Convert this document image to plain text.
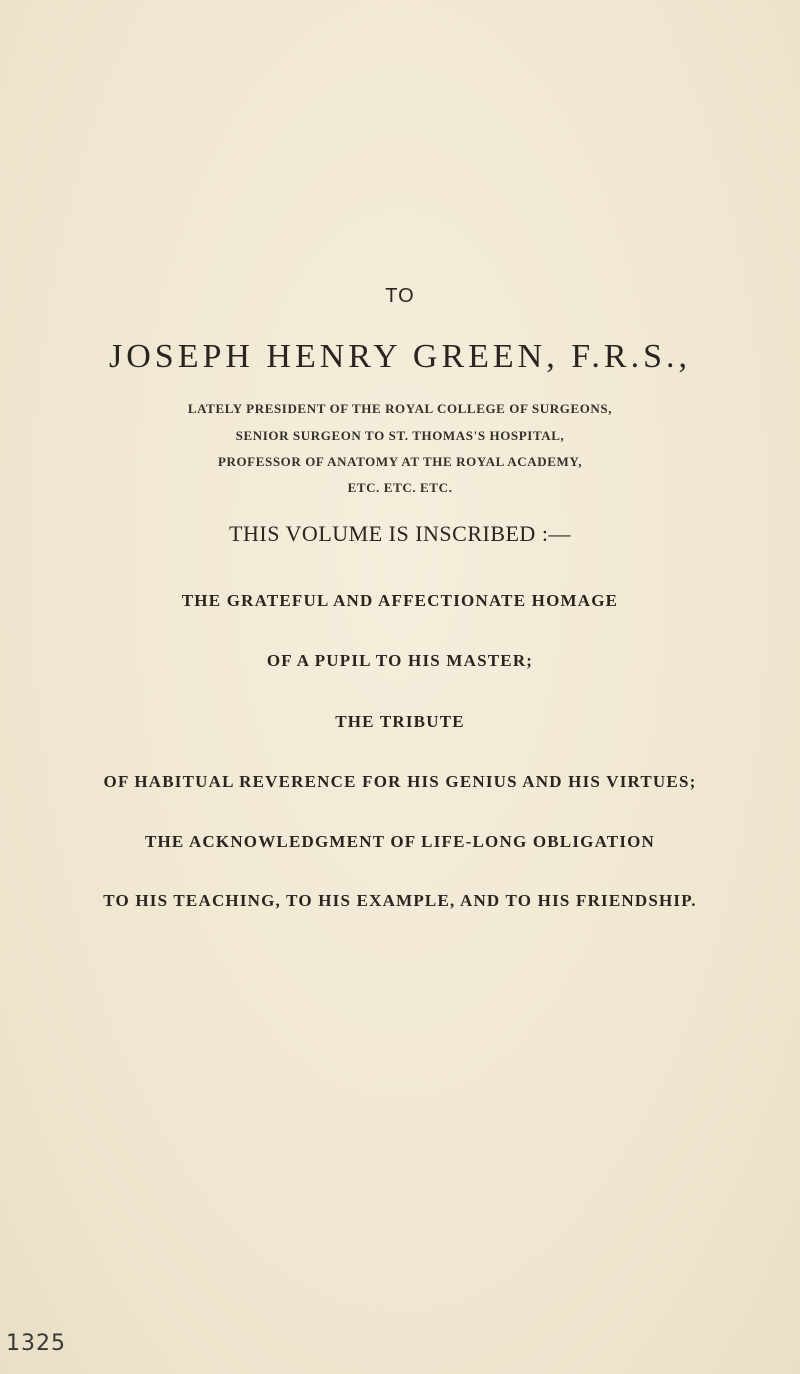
TO
JOSEPH HENRY GREEN, F.R.S.,
LATELY PRESIDENT OF THE ROYAL COLLEGE OF SURGEONS,
SENIOR SURGEON TO ST. THOMAS'S HOSPITAL,
PROFESSOR OF ANATOMY AT THE ROYAL ACADEMY,
ETC. ETC. ETC.
THIS VOLUME IS INSCRIBED :—
THE GRATEFUL AND AFFECTIONATE HOMAGE
OF A PUPIL TO HIS MASTER;
THE TRIBUTE
OF HABITUAL REVERENCE FOR HIS GENIUS AND HIS VIRTUES;
THE ACKNOWLEDGMENT OF LIFE-LONG OBLIGATION
TO HIS TEACHING, TO HIS EXAMPLE, AND TO HIS FRIENDSHIP.
1325
